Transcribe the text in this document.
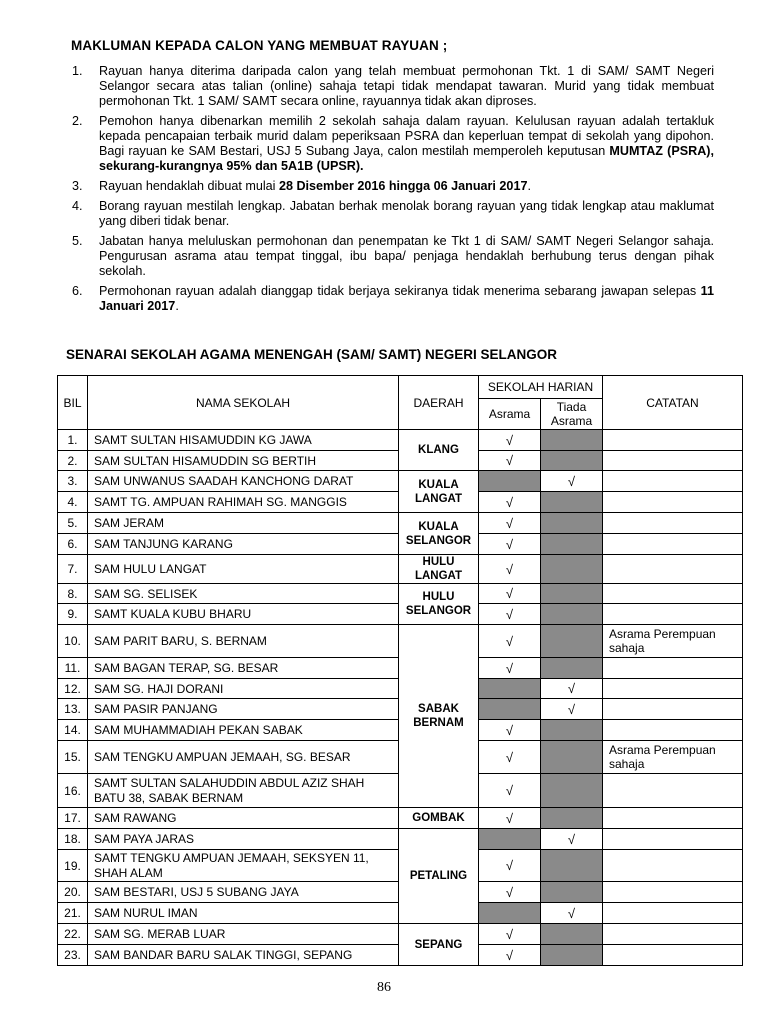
MAKLUMAN KEPADA CALON YANG MEMBUAT RAYUAN ;
1. Rayuan hanya diterima daripada calon yang telah membuat permohonan Tkt. 1 di SAM/ SAMT Negeri Selangor secara atas talian (online) sahaja tetapi tidak mendapat tawaran. Murid yang tidak membuat permohonan Tkt. 1 SAM/ SAMT secara online, rayuannya tidak akan diproses.
2. Pemohon hanya dibenarkan memilih 2 sekolah sahaja dalam rayuan. Kelulusan rayuan adalah tertakluk kepada pencapaian terbaik murid dalam peperiksaan PSRA dan keperluan tempat di sekolah yang dipohon. Bagi rayuan ke SAM Bestari, USJ 5 Subang Jaya, calon mestilah memperoleh keputusan MUMTAZ (PSRA), sekurang-kurangnya 95% dan 5A1B (UPSR).
3. Rayuan hendaklah dibuat mulai 28 Disember 2016 hingga 06 Januari 2017.
4. Borang rayuan mestilah lengkap. Jabatan berhak menolak borang rayuan yang tidak lengkap atau maklumat yang diberi tidak benar.
5. Jabatan hanya meluluskan permohonan dan penempatan ke Tkt 1 di SAM/ SAMT Negeri Selangor sahaja. Pengurusan asrama atau tempat tinggal, ibu bapa/ penjaga hendaklah berhubung terus dengan pihak sekolah.
6. Permohonan rayuan adalah dianggap tidak berjaya sekiranya tidak menerima sebarang jawapan selepas 11 Januari 2017.
SENARAI SEKOLAH AGAMA MENENGAH (SAM/ SAMT) NEGERI SELANGOR
BIL	NAMA SEKOLAH	DAERAH	SEKOLAH HARIAN		CATATAN
			Asrama	Tiada Asrama	
1.	SAMT SULTAN HISAMUDDIN KG JAWA	KLANG	√		
2.	SAM SULTAN HISAMUDDIN SG BERTIH		√		
3.	SAM UNWANUS SAADAH KANCHONG DARAT	KUALA LANGAT		√	
4.	SAMT TG. AMPUAN RAHIMAH SG. MANGGIS		√		
5.	SAM JERAM	KUALA SELANGOR	√		
6.	SAM TANJUNG KARANG		√		
7.	SAM HULU LANGAT	HULU LANGAT	√		
8.	SAM SG. SELISEK	HULU SELANGOR	√		
9.	SAMT KUALA KUBU BHARU		√		
10.	SAM PARIT BARU, S. BERNAM	SABAK BERNAM	√		Asrama Perempuan sahaja
11.	SAM BAGAN TERAP, SG. BESAR		√		
12.	SAM SG. HAJI DORANI			√	
13.	SAM PASIR PANJANG			√	
14.	SAM MUHAMMADIAH PEKAN SABAK		√		
15.	SAM TENGKU AMPUAN JEMAAH, SG. BESAR		√		Asrama Perempuan sahaja
16.	SAMT SULTAN SALAHUDDIN ABDUL AZIZ SHAH BATU 38, SABAK BERNAM		√		
17.	SAM RAWANG	GOMBAK	√		
18.	SAM PAYA JARAS	PETALING		√	
19.	SAMT TENGKU AMPUAN JEMAAH, SEKSYEN 11, SHAH ALAM		√		
20.	SAM BESTARI, USJ 5 SUBANG JAYA		√		
21.	SAM NURUL IMAN			√	
22.	SAM SG. MERAB LUAR	SEPANG	√		
23.	SAM BANDAR BARU SALAK TINGGI, SEPANG		√		
86
